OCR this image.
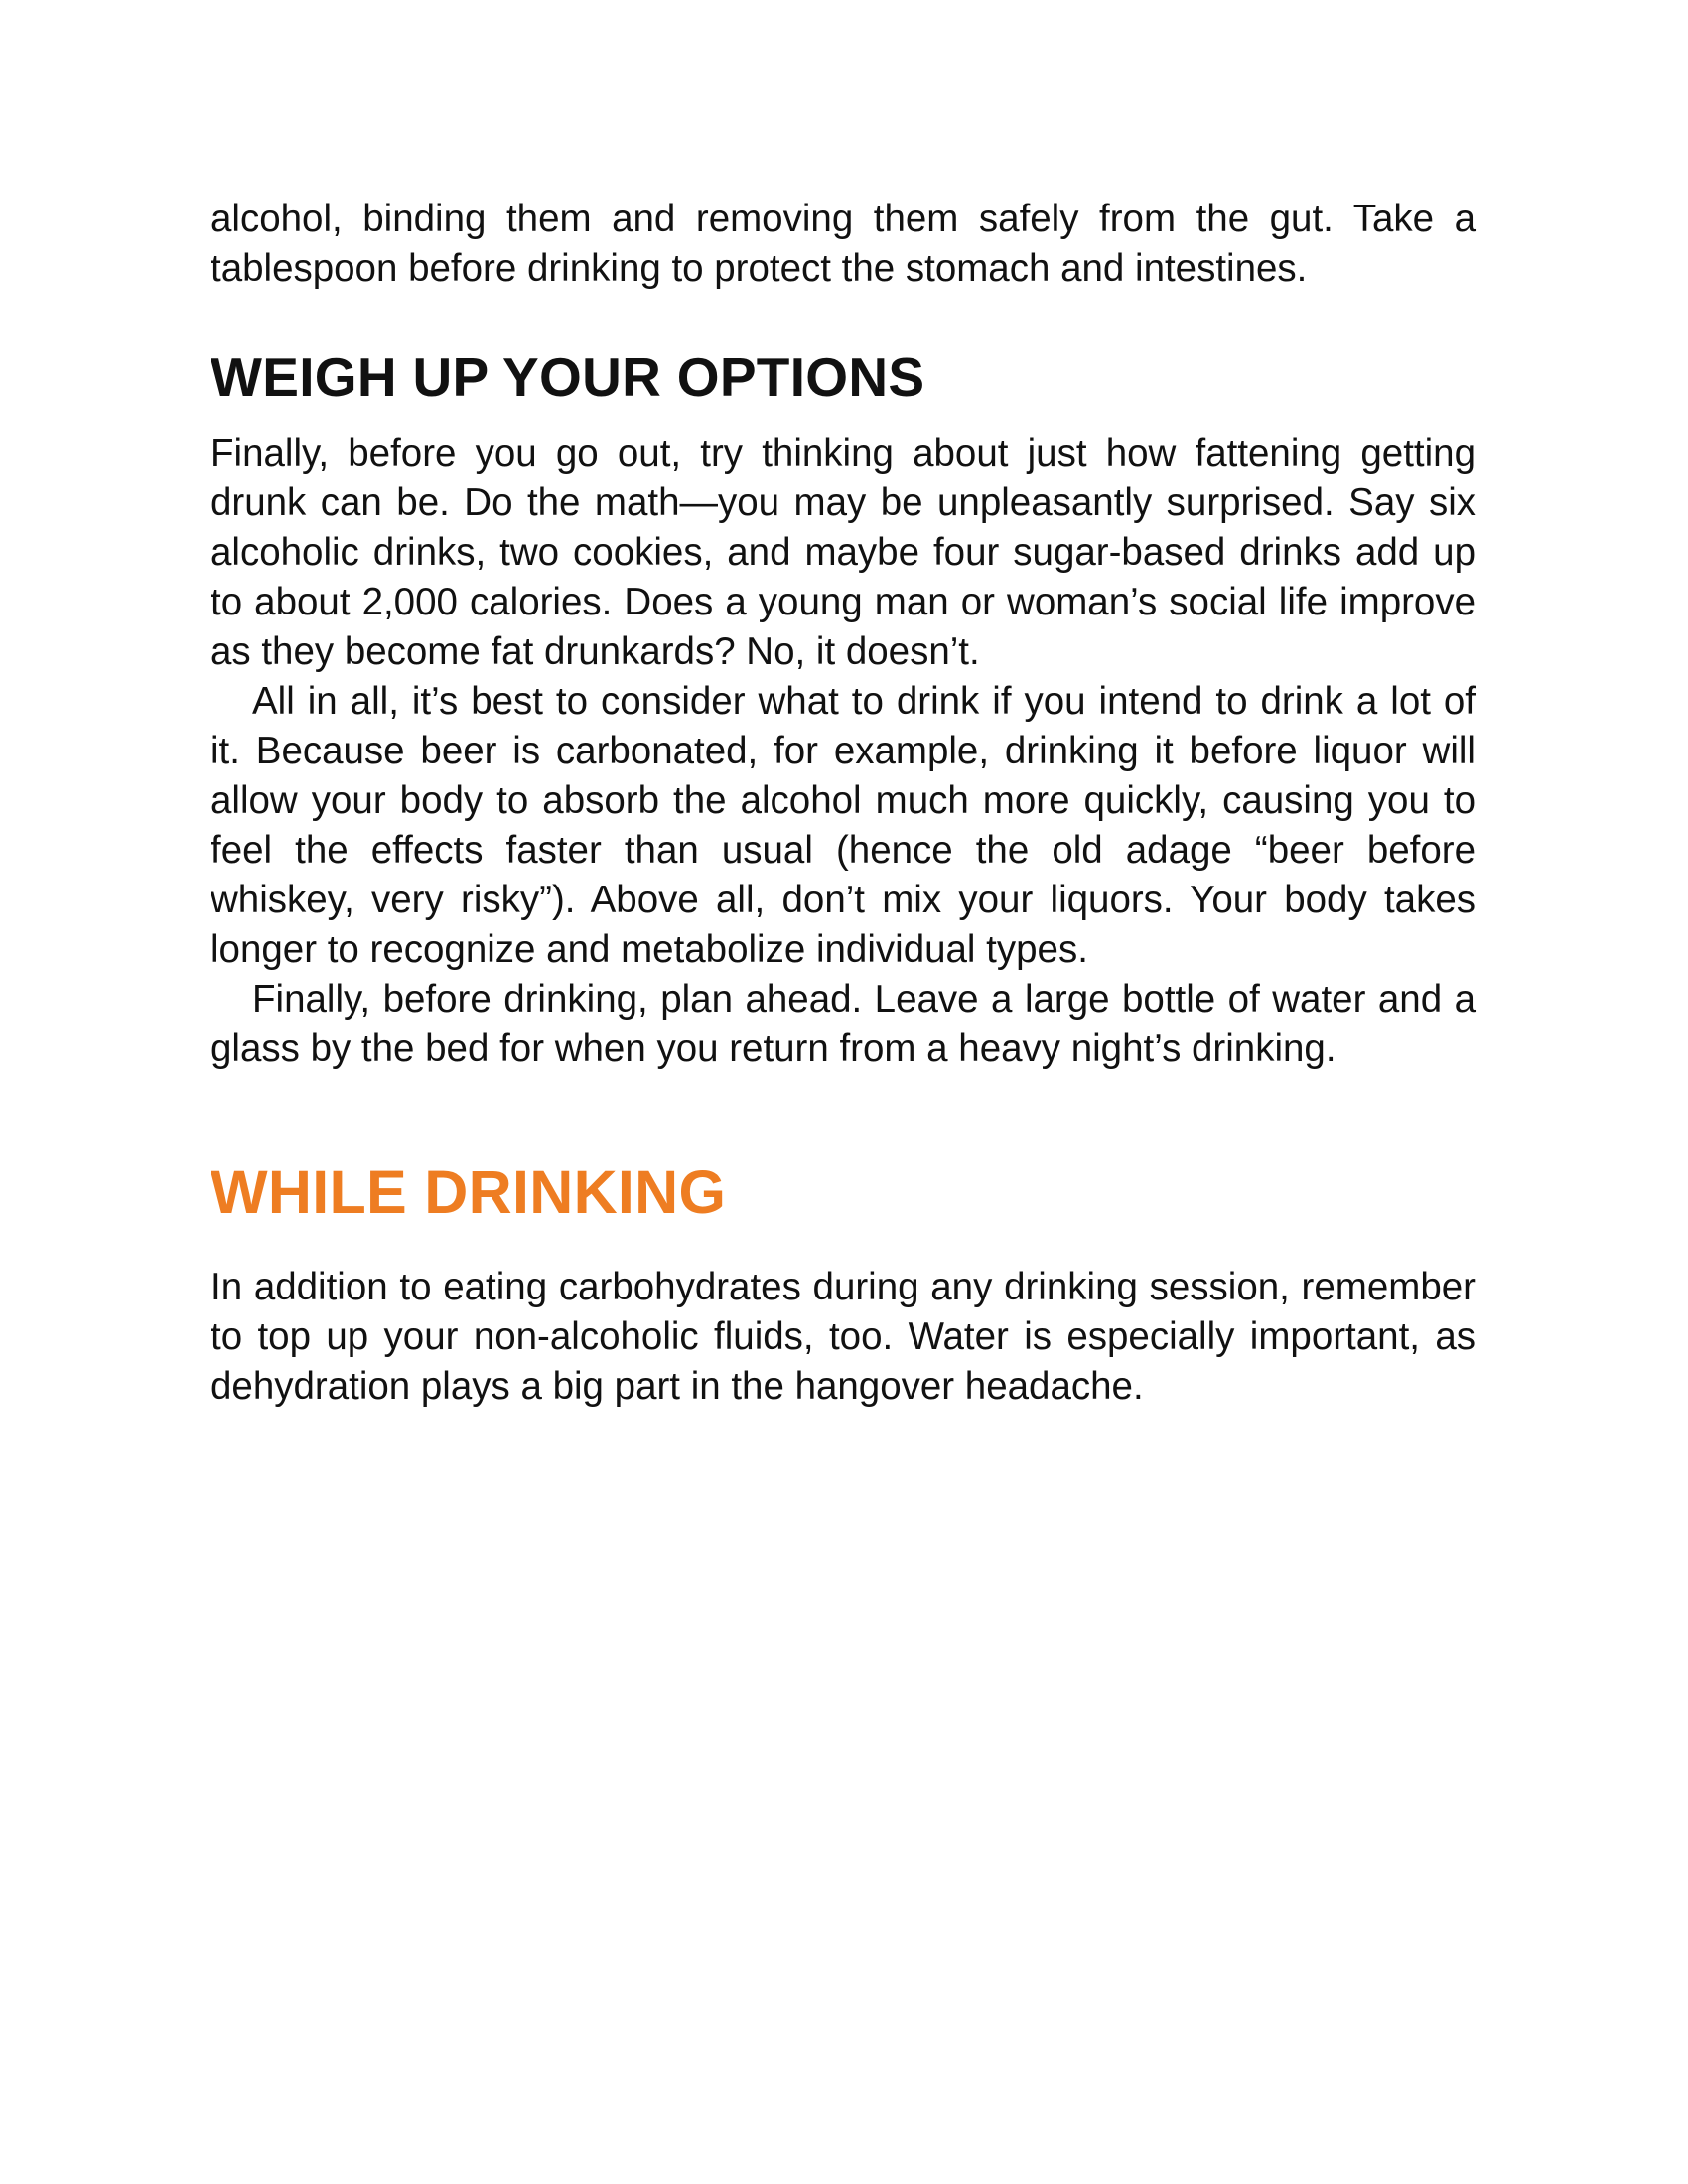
alcohol, binding them and removing them safely from the gut. Take a tablespoon before drinking to protect the stomach and intestines.

WEIGH UP YOUR OPTIONS

Finally, before you go out, try thinking about just how fattening getting drunk can be. Do the math—you may be unpleasantly surprised. Say six alcoholic drinks, two cookies, and maybe four sugar-based drinks add up to about 2,000 calories. Does a young man or woman’s social life improve as they become fat drunkards? No, it doesn’t.

All in all, it’s best to consider what to drink if you intend to drink a lot of it. Because beer is carbonated, for example, drinking it before liquor will allow your body to absorb the alcohol much more quickly, causing you to feel the effects faster than usual (hence the old adage “beer before whiskey, very risky”). Above all, don’t mix your liquors. Your body takes longer to recognize and metabolize individual types.

Finally, before drinking, plan ahead. Leave a large bottle of water and a glass by the bed for when you return from a heavy night’s drinking.

WHILE DRINKING

In addition to eating carbohydrates during any drinking session, remember to top up your non-alcoholic fluids, too. Water is especially important, as dehydration plays a big part in the hangover headache.
